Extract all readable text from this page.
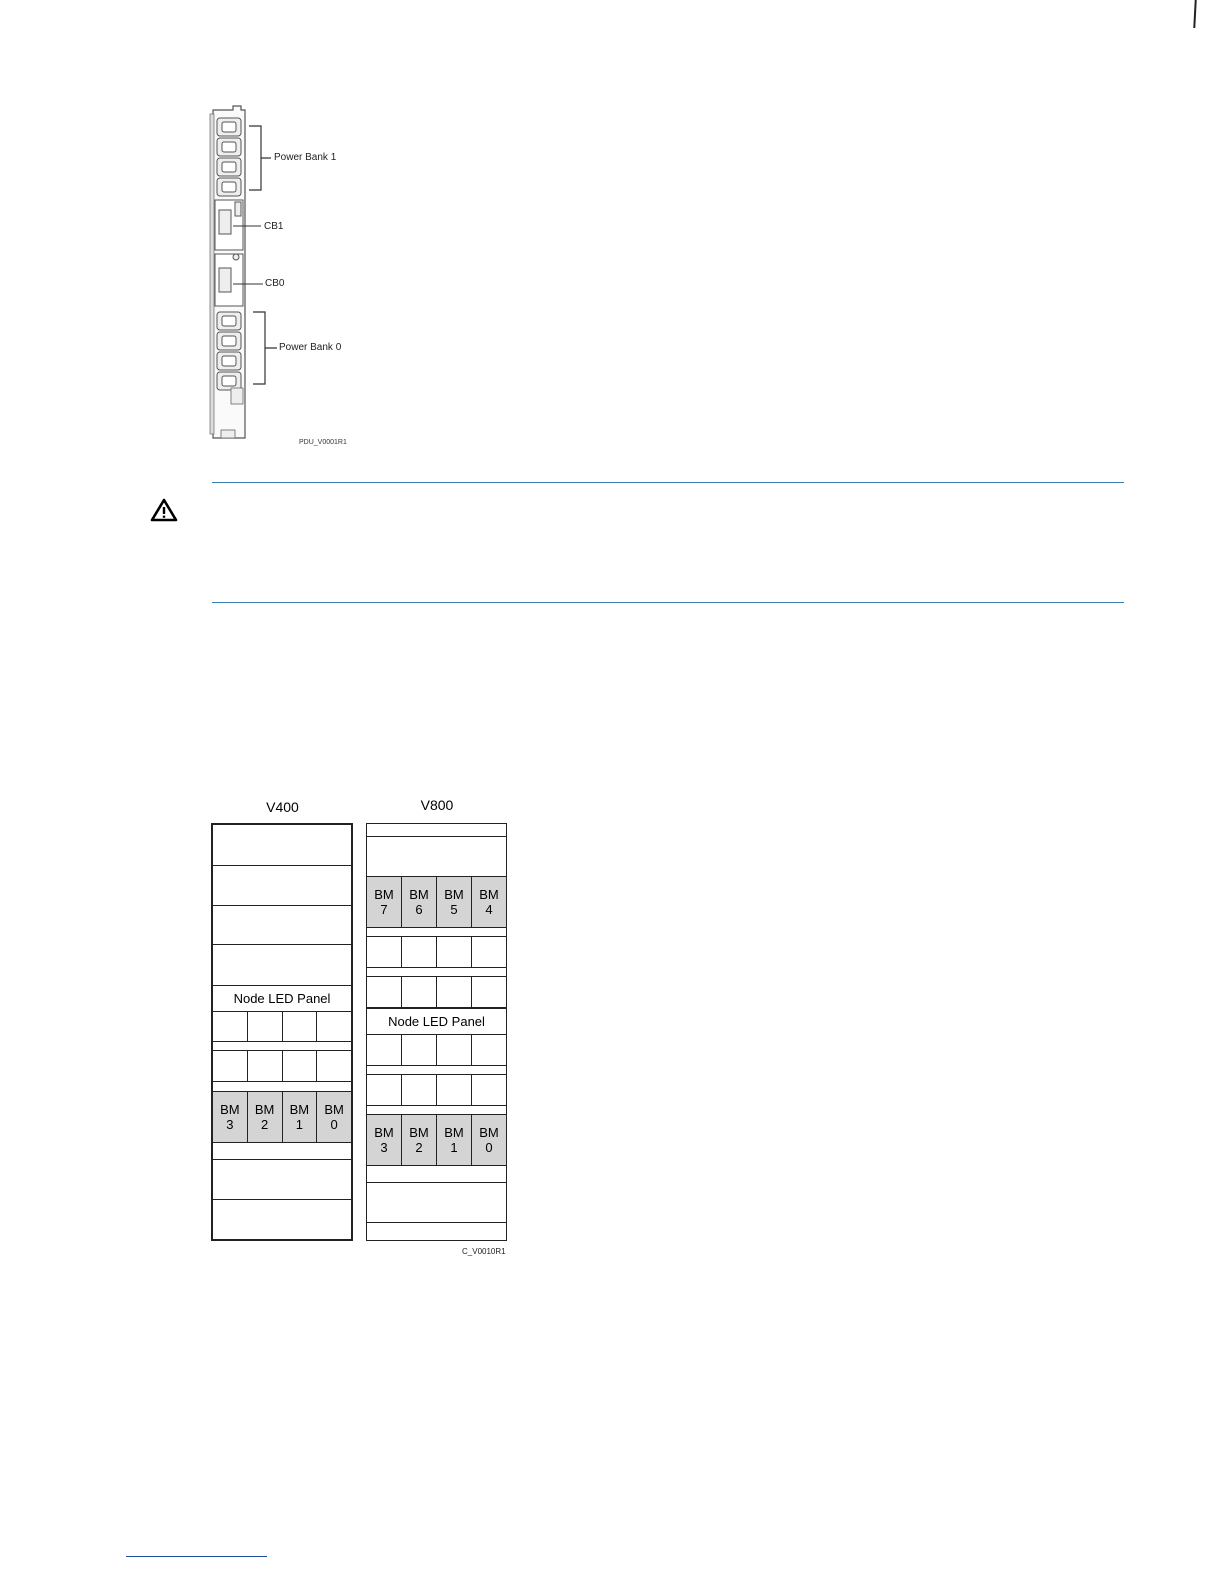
Power Bank 1
CB1
CB0
Power Bank 0
PDU_V0001R1
V400
Node LED Panel
BM
3
BM
2
BM
1
BM
0
V800
BM
7
BM
6
BM
5
BM
4
Node LED Panel
BM
3
BM
2
BM
1
BM
0
C_V0010R1
